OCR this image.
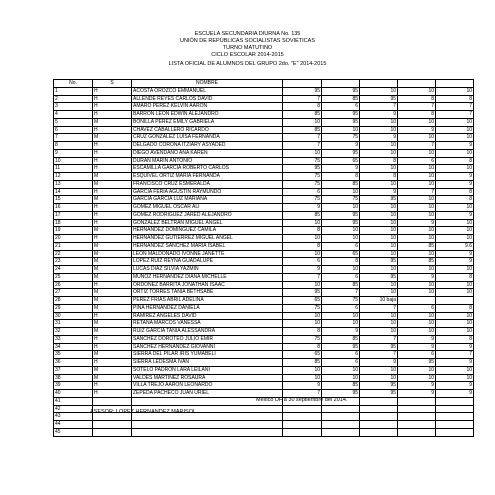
ESCUELA SECUNDARIA DIURNA No. 135
UNIÓN DE REPÚBLICAS SOCIALISTAS SOVIETICAS
TURNO MATUTINO
CICLO ESCOLAR 2014-2015
LISTA OFICIAL DE ALUMNOS DEL GRUPO 2do. "E" 2014-2015
No.	S	NOMBRE					
1	H	ACOSTA OROZCO EMMANUEL	95	95	10	10	10
2	H	ALLENDE REYES CARLOS DAVID	7	85	95	8	8
3	H	AMARO PEREZ KELVIN AARON	8	6	7	7	7
4	H	BARRON LEON EDWIN ALEJANDRO	85	95	9	8	7
5	M	BONILLA PEREZ EMILY GABRIELA	10	95	10	10	10
6	H	CHAVEZ CABALLERO RICARDO	85	10	10	9	10
7	M	CRUZ GONZALEZ LUISA FERNANDA	7	75	9	10	10
8	H	DELGADO CORONA ITZIARY ASYADED	7	9	10	7	9
9	H	DIEGO AVENDAÑO ANA KAREN	10	95	10	10	10
10	H	DURAN MARIN ANTONIO	75	65	8	6	8
11	H	ESCAMILLA GARCIA ROBERTO CARLOS	95	9	10	10	10
12	M	ESQUIVEL ORTIZ MARIA FERNANDA	75	8	8	10	9
13	M	FRANCISCO CRUZ ESMERALDA	75	85	10	10	9
14	H	GARCIA FERIA AGUSTIN RAYMUNDO	6	10	9	7	8
15	M	GARCIA GARCIA LUZ MARIANA	75	75	95	10	8
16	H	GOMEZ MIGUEL OSCAR ALI	9	10	10	10	10
17	H	GOMEZ RODRIGUEZ JARED ALEJANDRO	85	95	10	10	9
18	H	GONZALEZ BELTRAN MIGUEL ANGEL	10	95	10	9	10
19	M	HERNANDEZ DOMINGUEZ CAMILA	8	10	10	10	10
20	H	HERNANDEZ GUTIERREZ MIGUEL ANGEL	10	10	10	10	10
21	M	HERNANDEZ SANCHEZ MARIA ISABEL	8	6	10	85	9.6
22	M	LEON MALDONADO IVONNE JANETTE	10	65	10	10	9
23	M	LOPEZ RUIZ REYNA GUADALUPE	6	8	95	85	9
24	M	LUCAS DIAZ SILVIA YAZMIN	9	10	10	10	10
25	M	MUÑOZ HERNANDEZ DIANA MICHELLE	7	6	95	9	8
26	H	ORDOÑEZ BARRITA JONATHAN ISAAC	10	85	10	10	10
27	M	ORTIZ TORRES TANIA BETHSABE	95	7	10	10	10
28	M	PEREZ FRIAS ABRIL ADELINA	65	75	10 baja		
29	M	PIÑA HERNANDEZ DANIELA	75	6	7	6	8
30	H	RAMIREZ ANGELES DAVID	10	10	10	10	10
31	M	RETANA MARCOS VANESSA	10	10	10	10	10
32	M	RUIZ GARCIA TANIA ALESSANDRA	8	9	10	10	10
33	H	SANCHEZ DOROTEO JULIO EMIR	75	85	7	9	8
34	H	SANCHEZ HERNANDEZ GIOVANNI	8	95	95	9	9
35	M	SIERRA DEL PILAR IRIS YUMABELI	65	6	7	6	7
36	H	SIERRA LEDESMA IVAN	85	6	9	95	9
37	M	SOTELO PADRON LARA LEILANI	10	10	10	10	10
38	M	VALDES MARTINEZ ROSAURA	10	10	10	10	10
39	H	VILLA TREJO AARON LEONARDO	9	85	95	9	9
40	H	ZEPEDA PACHECO JUAN URIEL	7	95	95	9	9
41							
42							
43							
44							
45							
México DF a 30 septiembre del 2014.
ASESOR: LOPEZ HERNANDEZ MARISOL
